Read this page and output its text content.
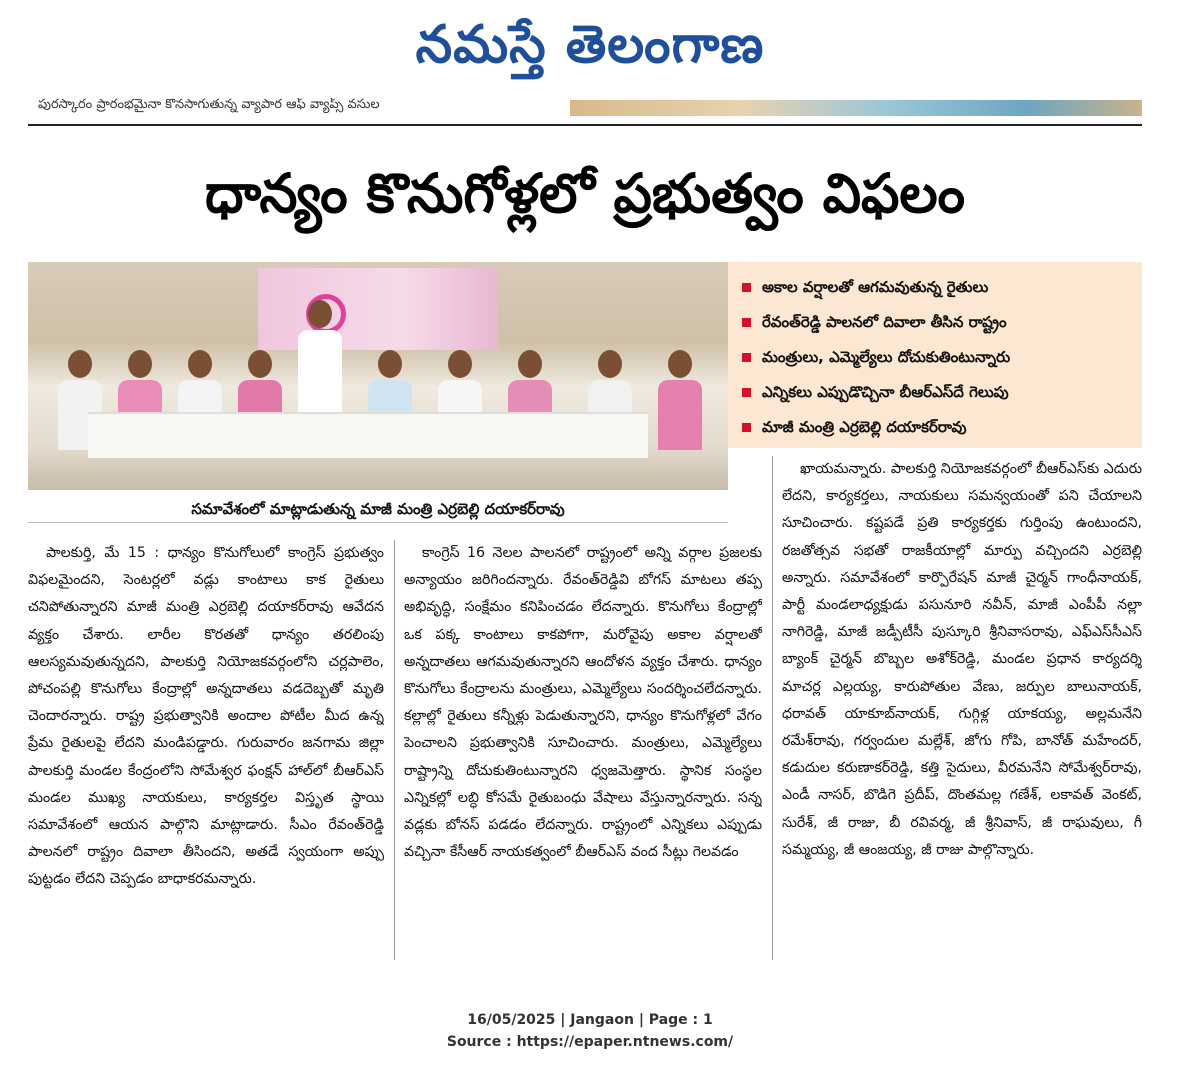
నమస్తే తెలంగాణ
పురస్కారం ప్రారంభమైనా కొనసాగుతున్న వ్యాపార ఆఫ్ వ్యాప్స్ వసుల
ధాన్యం కొనుగోళ్లలో ప్రభుత్వం విఫలం
సమావేశంలో మాట్లాడుతున్న మాజీ మంత్రి ఎర్రబెల్లి దయాకర్‌రావు
అకాల వర్షాలతో ఆగమవుతున్న రైతులు
రేవంత్‌రెడ్డి పాలనలో దివాలా తీసిన రాష్ట్రం
మంత్రులు, ఎమ్మెల్యేలు దోచుకుతింటున్నారు
ఎన్నికలు ఎప్పుడొచ్చినా బీఆర్‌ఎస్‌దే గెలుపు
మాజీ మంత్రి ఎర్రబెల్లి దయాకర్‌రావు

పాలకుర్తి, మే 15 : ధాన్యం కొనుగోలులో కాంగ్రెస్ ప్రభుత్వం విఫలమైందని, సెంటర్లలో వడ్లు కాంటాలు కాక రైతులు చనిపోతున్నారని మాజీ మంత్రి ఎర్రబెల్లి దయాకర్‌రావు ఆవేదన వ్యక్తం చేశారు. లారీల కొరతతో ధాన్యం తరలింపు ఆలస్యమవుతున్నదని, పాలకుర్తి నియోజకవర్గంలోని చర్లపాలెం, పోచంపల్లి కొనుగోలు కేంద్రాల్లో అన్నదాతలు వడదెబ్బతో మృతి చెందారన్నారు. రాష్ట్ర ప్రభుత్వానికి అందాల పోటీల మీద ఉన్న ప్రేమ రైతులపై లేదని మండిపడ్డారు. గురువారం జనగామ జిల్లా పాలకుర్తి మండల కేంద్రంలోని సోమేశ్వర ఫంక్షన్ హాల్‌లో బీఆర్‌ఎస్ మండల ముఖ్య నాయకులు, కార్యకర్తల విస్తృత స్థాయి సమావేశంలో ఆయన పాల్గొని మాట్లాడారు. సీఎం రేవంత్‌రెడ్డి పాలనలో రాష్ట్రం దివాలా తీసిందని, అతడే స్వయంగా అప్పు పుట్టడం లేదని చెప్పడం బాధాకరమన్నారు.

కాంగ్రెస్ 16 నెలల పాలనలో రాష్ట్రంలో అన్ని వర్గాల ప్రజలకు అన్యాయం జరిగిందన్నారు. రేవంత్‌రెడ్డివి బోగస్ మాటలు తప్ప అభివృద్ధి, సంక్షేమం కనిపించడం లేదన్నారు. కొనుగోలు కేంద్రాల్లో ఒక పక్క కాంటాలు కాకపోగా, మరోవైపు అకాల వర్షాలతో అన్నదాతలు ఆగమవుతున్నారని ఆందోళన వ్యక్తం చేశారు. ధాన్యం కొనుగోలు కేంద్రాలను మంత్రులు, ఎమ్మెల్యేలు సందర్శించలేదన్నారు. కల్లాల్లో రైతులు కన్నీళ్లు పెడుతున్నారని, ధాన్యం కొనుగోళ్లలో వేగం పెంచాలని ప్రభుత్వానికి సూచించారు. మంత్రులు, ఎమ్మెల్యేలు రాష్ట్రాన్ని దోచుకుతింటున్నారని ధ్వజమెత్తారు. స్థానిక సంస్థల ఎన్నికల్లో లబ్ధి కోసమే రైతుబంధు వేషాలు వేస్తున్నారన్నారు. సన్న వడ్లకు బోనస్ పడడం లేదన్నారు. రాష్ట్రంలో ఎన్నికలు ఎప్పుడు వచ్చినా కేసీఆర్ నాయకత్వంలో బీఆర్‌ఎస్ వంద సీట్లు గెలవడం

ఖాయమన్నారు. పాలకుర్తి నియోజకవర్గంలో బీఆర్‌ఎస్‌కు ఎదురు లేదని, కార్యకర్తలు, నాయకులు సమన్వయంతో పని చేయాలని సూచించారు. కష్టపడే ప్రతి కార్యకర్తకు గుర్తింపు ఉంటుందని, రజతోత్సవ సభతో రాజకీయాల్లో మార్పు వచ్చిందని ఎర్రబెల్లి అన్నారు. సమావేశంలో కార్పొరేషన్ మాజీ చైర్మన్ గాంధీనాయక్, పార్టీ మండలాధ్యక్షుడు పసునూరి నవీన్, మాజీ ఎంపీపీ నల్లా నాగిరెడ్డి, మాజీ జడ్పీటీసీ పుస్కూరి శ్రీనివాసరావు, ఎఫ్‌ఎస్‌సీఎస్ బ్యాంక్ చైర్మన్ బొబ్బల అశోక్‌రెడ్డి, మండల ప్రధాన కార్యదర్శి మాచర్ల ఎల్లయ్య, కారుపోతుల వేణు, జర్పుల బాలునాయక్, ధరావత్ యాకూబ్‌నాయక్, గుగ్గిళ్ల యాకయ్య, అల్లమనేని రమేశ్‌రావు, గర్వందుల మల్లేశ్, జోగు గోపి, బానోత్ మహేందర్, కడుదుల కరుణాకర్‌రెడ్డి, కత్తి సైదులు, వీరమనేని సోమేశ్వర్‌రావు, ఎండీ నాసర్, బొడిగె ప్రదీప్, దొంతమల్ల గణేశ్, లకావత్ వెంకట్, సురేశ్, జీ రాజు, బీ రవివర్మ, జీ శ్రీనివాస్, జీ రాఘవులు, గీ సమ్మయ్య, జీ ఆంజయ్య, జీ రాజు పాల్గొన్నారు.

16/05/2025 | Jangaon | Page : 1
Source : https://epaper.ntnews.com/
